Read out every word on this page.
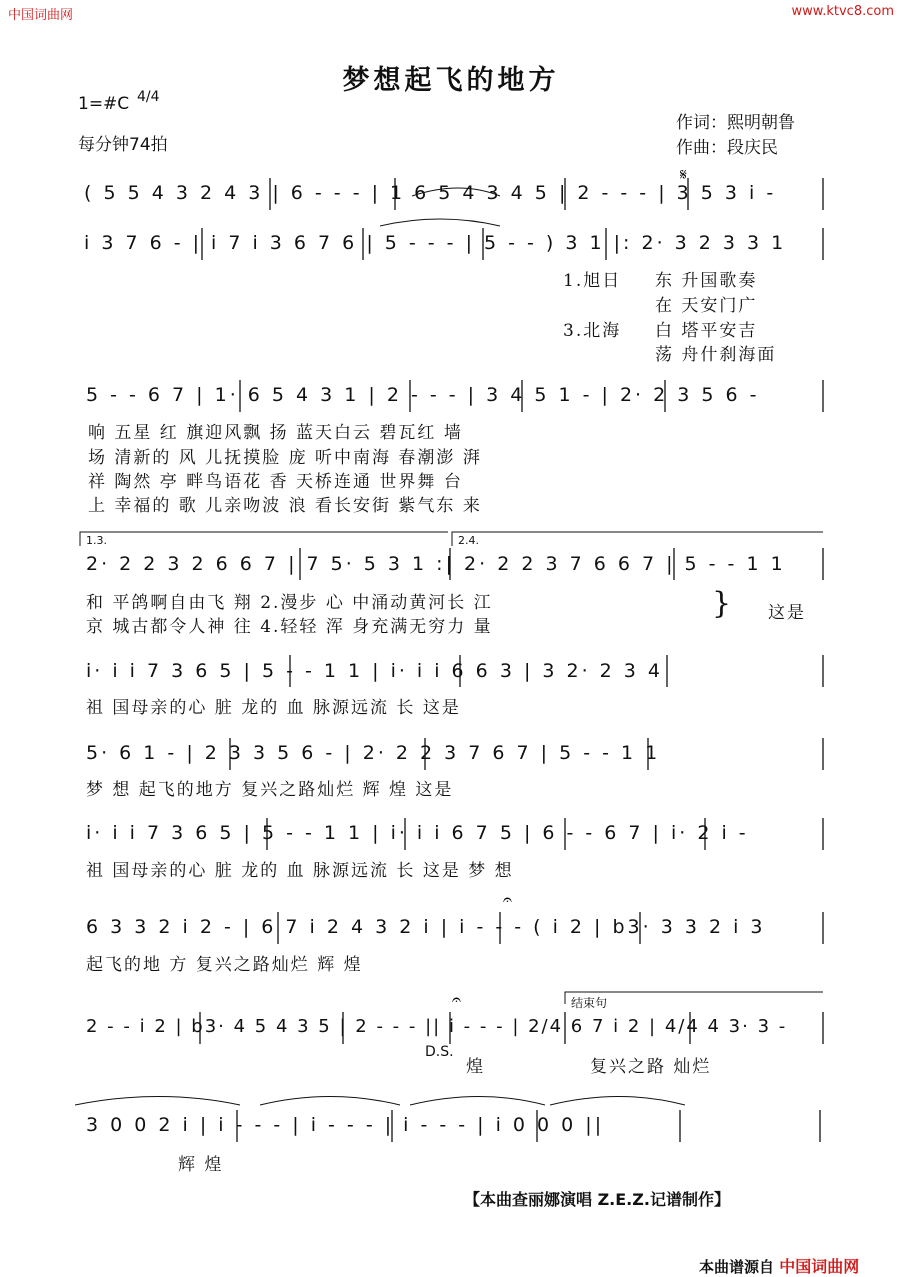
中国词曲网	www.ktvc8.com
梦想起飞的地方
1=#C 4/4
每分钟74拍
作词：熙明朝鲁
作曲：段庆民
𝄐
𝄐
𝄋
( 5 5 4 3 2 4 3 | 6 - - - | 1 6 5 4 3 4 5 | 2 - - - | 3 5 3 i -
i 3 7 6 - | i 7 i 3 6 7 6 | 5 - - - | 5 - - ) 3 1 |: 2· 3 2 3 3 1
1.旭日 东 升国歌奏
在 天安门广
3.北海 白 塔平安吉
荡 舟什刹海面
5 - - 6 7 | 1· 6 5 4 3 1 | 2 - - - | 3 4 5 1 - | 2· 2 3 5 6 -
响 五星 红 旗迎风飘 扬 蓝天白云 碧瓦红 墙
场 清新的 风 儿抚摸脸 庞 听中南海 春潮澎 湃
祥 陶然 亭 畔鸟语花 香 天桥连通 世界舞 台
上 幸福的 歌 儿亲吻波 浪 看长安街 紫气东 来
1.3.	2.4.
2· 2 2 3 2 6 6 7 | 7 5· 5 3 1 :| 2· 2 2 3 7 6 6 7 | 5 - - 1 1
和 平鸽啊自由飞 翔 2.漫步 心 中涌动黄河长 江
京 城古都令人神 往 4.轻轻 浑 身充满无穷力 量
} 这是
i· i i 7 3 6 5 | 5 - - 1 1 | i· i i 6 6 3 | 3 2· 2 3 4
祖 国母亲的心 脏 龙的 血 脉源远流 长 这是
5· 6 1 - | 2 3 3 5 6 - | 2· 2 2 3 7 6 7 | 5 - - 1 1
梦 想 起飞的地方 复兴之路灿烂 辉 煌 这是
i· i i 7 3 6 5 | 5 - - 1 1 | i· i i 6 7 5 | 6 - - 6 7 | i· 2 i -
祖 国母亲的心 脏 龙的 血 脉源远流 长 这是 梦 想
6 3 3 2 i 2 - | 6 7 i 2 4 3 2 i | i - - - ( i 2 | b3· 3 3 2 i 3
起飞的地 方 复兴之路灿烂 辉 煌
结束句
2 - - i 2 | b3· 4 5 4 3 5 | 2 - - - || i - - - | 2/4 6 7 i 2 | 4/4 4 3· 3 -
D.S.
煌	复兴之路 灿烂
3 0 0 2 i | i - - - | i - - - | i - - - | i 0 0 0 ||
辉 煌
【本曲查丽娜演唱 Z.E.Z.记谱制作】
本曲谱源自 中国词曲网
